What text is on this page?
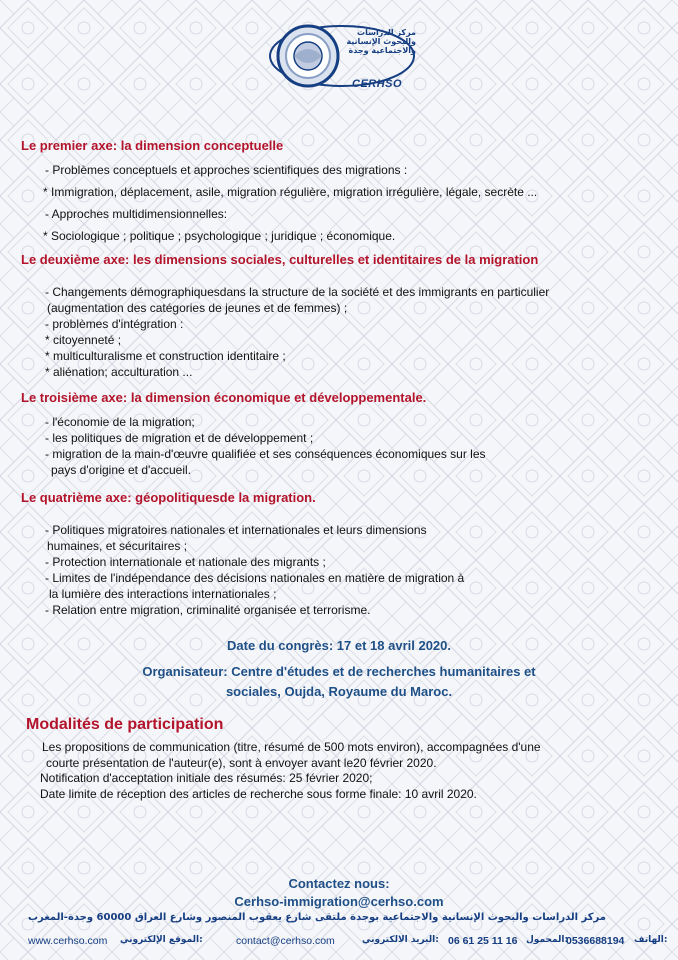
مركز الدراسات
والبحوث الإنسانية
والاجتماعية وجدة
CERHSO
Le premier axe: la dimension conceptuelle
- Problèmes conceptuels et approches scientifiques des migrations :
* Immigration, déplacement, asile, migration régulière, migration irrégulière, légale, secrète ...
- Approches multidimensionnelles:
* Sociologique ; politique ; psychologique ; juridique ; économique.
Le deuxième axe: les dimensions sociales, culturelles et identitaires de la migration
- Changements démographiquesdans la structure de la société et des immigrants en particulier
(augmentation des catégories de jeunes et de femmes) ;
- problèmes d'intégration :
* citoyenneté ;
* multiculturalisme et construction identitaire ;
* aliénation; acculturation ...
Le troisième axe: la dimension économique et développementale.
- l'économie de la migration;
- les politiques de migration et de développement ;
- migration de la main-d'œuvre qualifiée et ses conséquences économiques sur les
pays d'origine et d'accueil.
Le quatrième axe: géopolitiquesde la migration.
- Politiques migratoires nationales et internationales et leurs dimensions
humaines, et sécuritaires ;
- Protection internationale et nationale des migrants ;
- Limites de l'indépendance des décisions nationales en matière de migration à
la lumière des interactions internationales ;
- Relation entre migration, criminalité organisée et terrorisme.
Date du congrès: 17 et 18 avril 2020.
Organisateur: Centre d'études et de recherches humanitaires et
sociales, Oujda, Royaume du Maroc.
Modalités de participation
Les propositions de communication (titre, résumé de 500 mots environ), accompagnées d'une
courte présentation de l'auteur(e), sont à envoyer avant le20 février 2020.
Notification d'acceptation initiale des résumés: 25 février 2020;
Date limite de réception des articles de recherche sous forme finale: 10 avril 2020.
Contactez nous:
Cerhso-immigration@cerhso.com
مركز الدراسات والبحوث الإنسانية والاجتماعية بوجدة ملتقى شارع يعقوب المنصور وشارع العراق 60000 وجدة-المغرب
www.cerhso.com :الموقع الإلكتروني	contact@cerhso.com	:البريد الالكتروني 06 61 25 11 16 :المحمول
0536688194 :الهاتف
